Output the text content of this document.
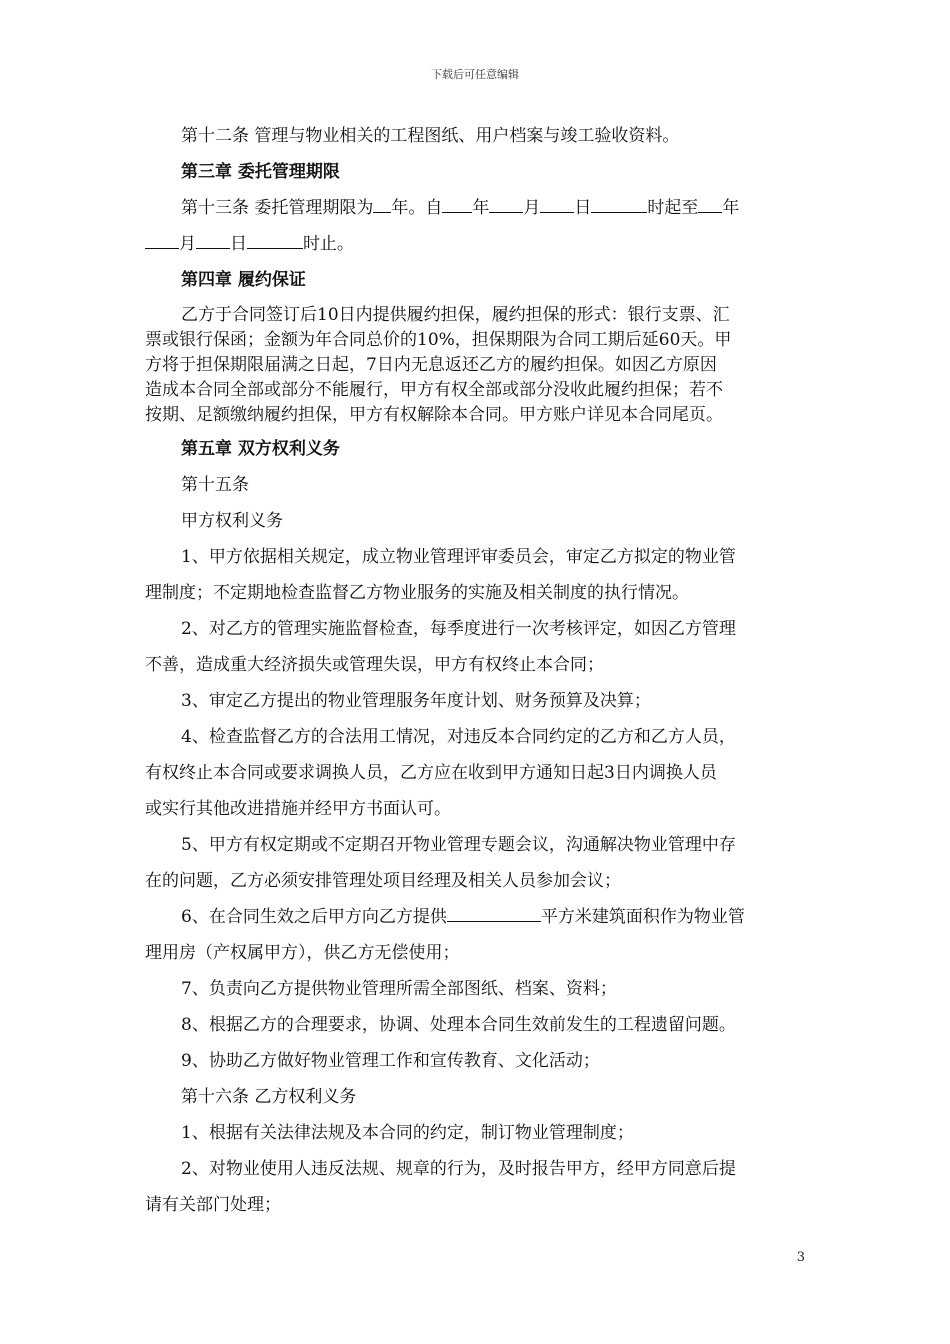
下载后可任意编辑

第十二条 管理与物业相关的工程图纸、用户档案与竣工验收资料。

第三章 委托管理期限

第十三条 委托管理期限为 年。自 年 月 日	时起至 年

月 日	时止。

第四章 履约保证

乙方于合同签订后10日内提供履约担保，履约担保的形式：银行支票、汇

票或银行保函；金额为年合同总价的10%，担保期限为合同工期后延60天。甲

方将于担保期限届满之日起，7日内无息返还乙方的履约担保。如因乙方原因

造成本合同全部或部分不能履行，甲方有权全部或部分没收此履约担保；若不

按期、足额缴纳履约担保，甲方有权解除本合同。甲方账户详见本合同尾页。

第五章 双方权利义务

第十五条

甲方权利义务

1、甲方依据相关规定，成立物业管理评审委员会，审定乙方拟定的物业管

理制度；不定期地检查监督乙方物业服务的实施及相关制度的执行情况。

2、对乙方的管理实施监督检查，每季度进行一次考核评定，如因乙方管理

不善，造成重大经济损失或管理失误，甲方有权终止本合同；

3、审定乙方提出的物业管理服务年度计划、财务预算及决算；

4、检查监督乙方的合法用工情况，对违反本合同约定的乙方和乙方人员，

有权终止本合同或要求调换人员，乙方应在收到甲方通知日起3日内调换人员

或实行其他改进措施并经甲方书面认可。

5、甲方有权定期或不定期召开物业管理专题会议，沟通解决物业管理中存

在的问题，乙方必须安排管理处项目经理及相关人员参加会议；

6、在合同生效之后甲方向乙方提供	平方米建筑面积作为物业管

理用房（产权属甲方），供乙方无偿使用；

7、负责向乙方提供物业管理所需全部图纸、档案、资料；

8、根据乙方的合理要求，协调、处理本合同生效前发生的工程遗留问题。

9、协助乙方做好物业管理工作和宣传教育、文化活动；

第十六条 乙方权利义务

1、根据有关法律法规及本合同的约定，制订物业管理制度；

2、对物业使用人违反法规、规章的行为，及时报告甲方，经甲方同意后提

请有关部门处理；

3
